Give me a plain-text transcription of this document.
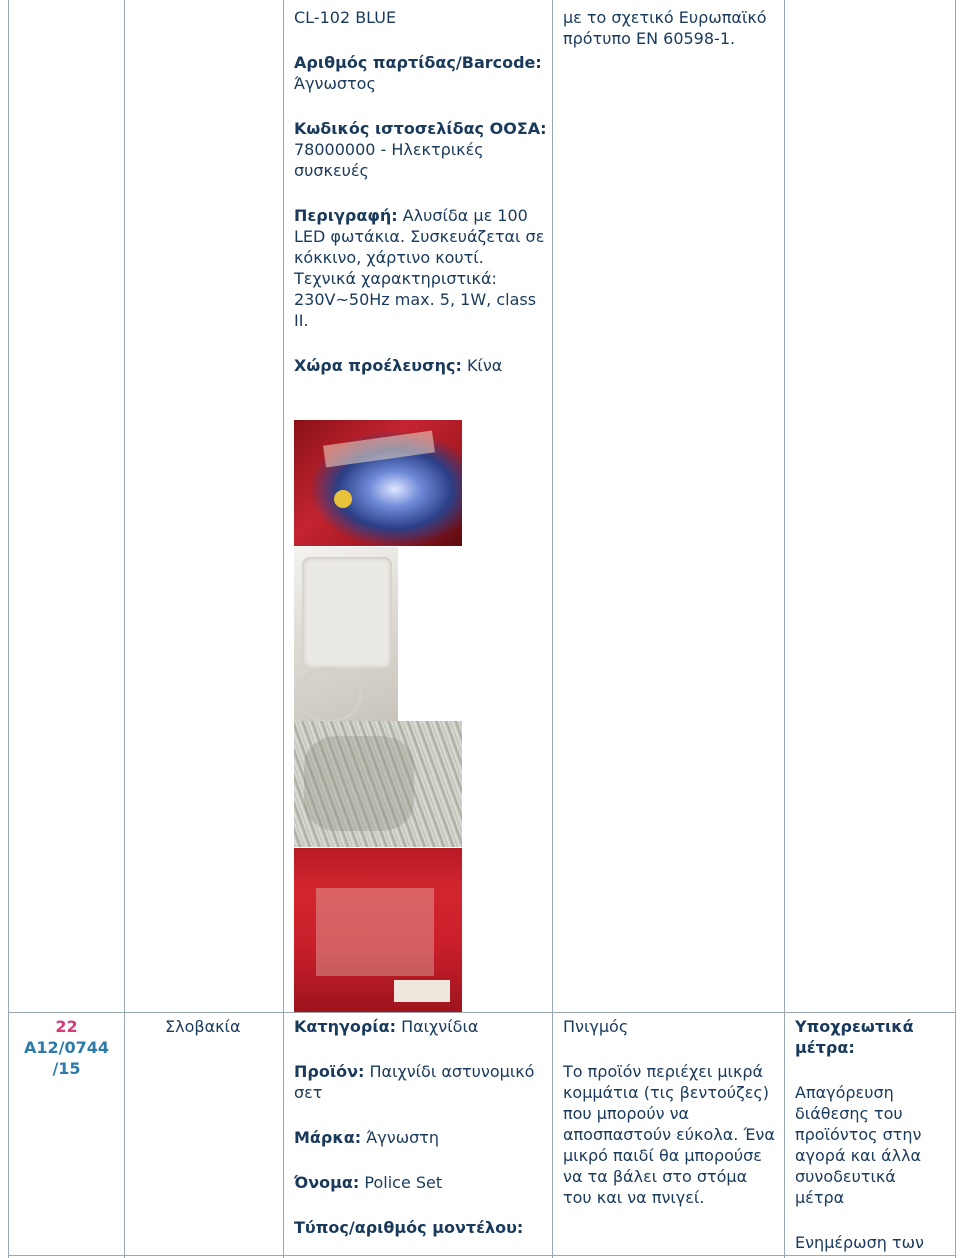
CL-102 BLUE

Αριθμός παρτίδας/Barcode:
Άγνωστος

Κωδικός ιστοσελίδας ΟΟΣΑ: 78000000 - Ηλεκτρικές συσκευές

Περιγραφή: Αλυσίδα με 100 LED φωτάκια. Συσκευάζεται σε κόκκινο, χάρτινο κουτί. Τεχνικά χαρακτηριστικά: 230V~50Hz max. 5, 1W, class II.

Χώρα προέλευσης: Κίνα

με το σχετικό Ευρωπαϊκό πρότυπο EN 60598-1.

22

A12/0744

/15

Σλοβακία	Κατηγορία: Παιχνίδια

Προϊόν: Παιχνίδι αστυνομικό σετ

Μάρκα: Άγνωστη

Όνομα: Police Set

Τύπος/αριθμός μοντέλου:

Πνιγμός

Το προϊόν περιέχει μικρά κομμάτια (τις βεντούζες) που μπορούν να αποσπαστούν εύκολα. Ένα μικρό παιδί θα μπορούσε να τα βάλει στο στόμα του και να πνιγεί.

Υποχρεωτικά μέτρα:

Απαγόρευση διάθεσης του προϊόντος στην αγορά και άλλα συνοδευτικά μέτρα

Ενημέρωση των
